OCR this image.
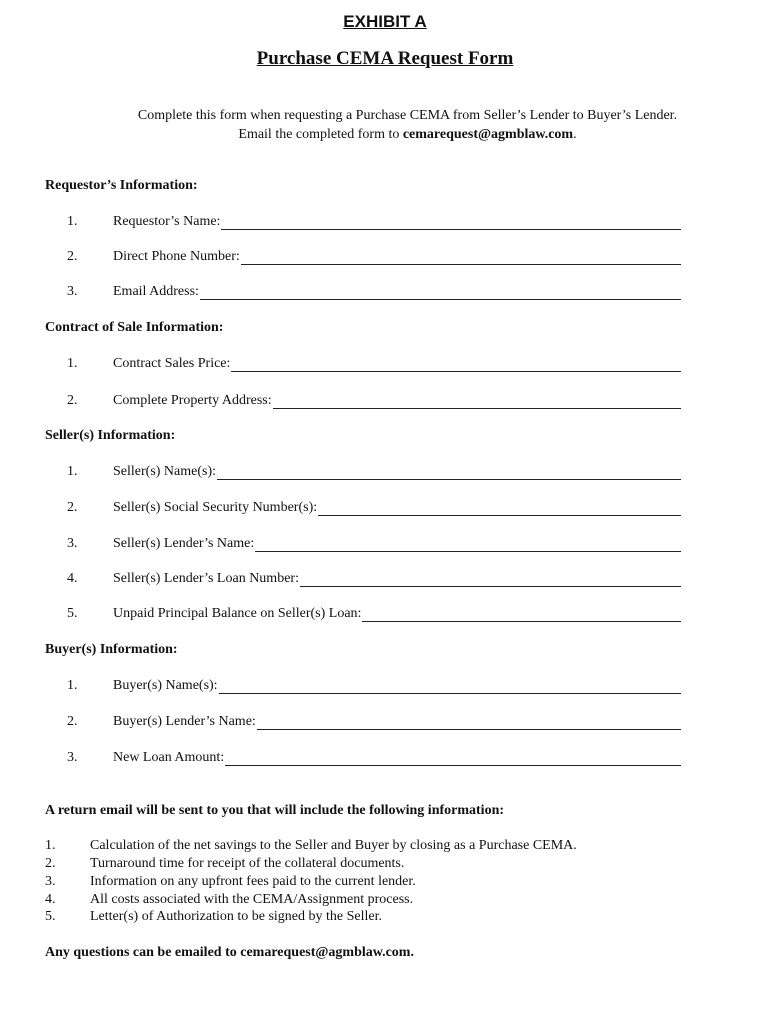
EXHIBIT A
Purchase CEMA Request Form
Complete this form when requesting a Purchase CEMA from Seller’s Lender to Buyer’s Lender.
Email the completed form to cemarequest@agmblaw.com.
Requestor’s Information:
1.	Requestor’s Name:
2.	Direct Phone Number:
3.	Email Address:
Contract of Sale Information:
1.	Contract Sales Price:
2.	Complete Property Address:
Seller(s) Information:
1.	Seller(s) Name(s):
2.	Seller(s) Social Security Number(s):
3.	Seller(s) Lender’s Name:
4.	Seller(s) Lender’s Loan Number:
5.	Unpaid Principal Balance on Seller(s) Loan:
Buyer(s) Information:
1.	Buyer(s) Name(s):
2.	Buyer(s) Lender’s Name:
3.	New Loan Amount:
A return email will be sent to you that will include the following information:
1. Calculation of the net savings to the Seller and Buyer by closing as a Purchase CEMA.
2. Turnaround time for receipt of the collateral documents.
3. Information on any upfront fees paid to the current lender.
4. All costs associated with the CEMA/Assignment process.
5. Letter(s) of Authorization to be signed by the Seller.
Any questions can be emailed to cemarequest@agmblaw.com.
